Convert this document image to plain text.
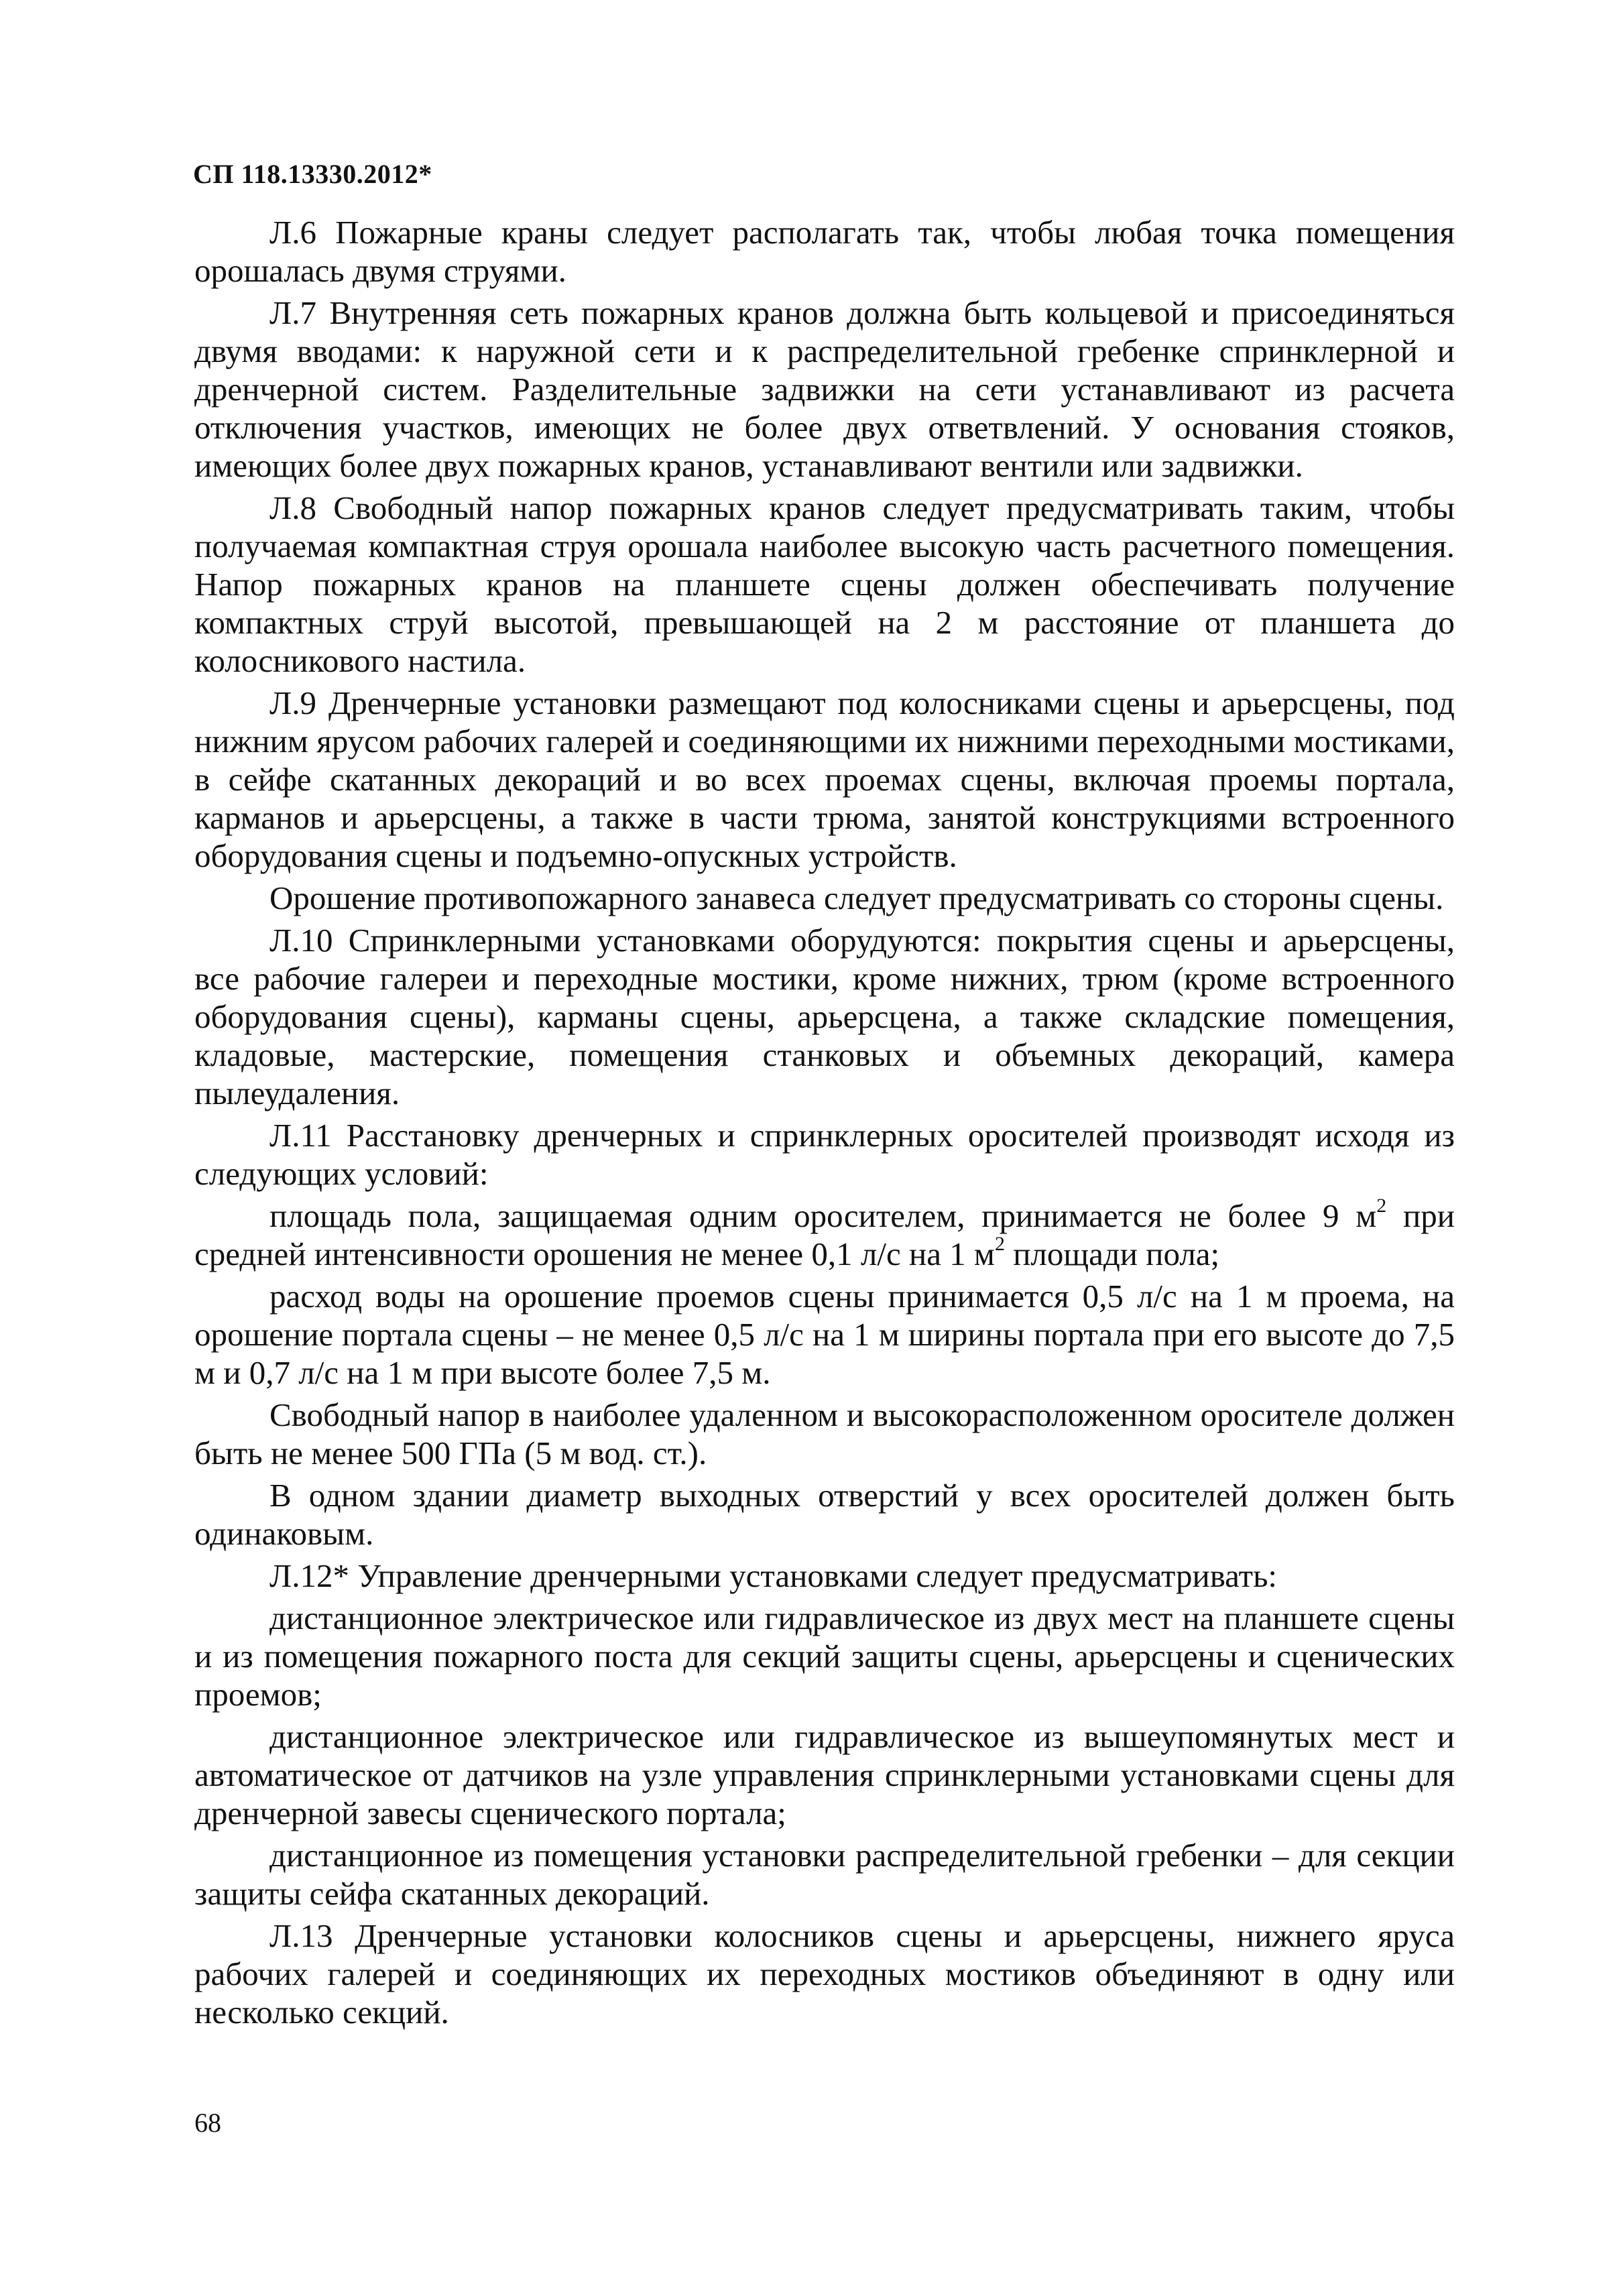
СП 118.13330.2012*

Л.6 Пожарные краны следует располагать так, чтобы любая точка помещения орошалась двумя струями.

Л.7 Внутренняя сеть пожарных кранов должна быть кольцевой и присоединяться двумя вводами: к наружной сети и к распределительной гребенке спринклерной и дренчерной систем. Разделительные задвижки на сети устанавливают из расчета отключения участков, имеющих не более двух ответвлений. У основания стояков, имеющих более двух пожарных кранов, устанавливают вентили или задвижки.

Л.8 Свободный напор пожарных кранов следует предусматривать таким, чтобы получаемая компактная струя орошала наиболее высокую часть расчетного помещения. Напор пожарных кранов на планшете сцены должен обеспечивать получение компактных струй высотой, превышающей на 2 м расстояние от планшета до колосникового настила.

Л.9 Дренчерные установки размещают под колосниками сцены и арьерсцены, под нижним ярусом рабочих галерей и соединяющими их нижними переходными мостиками, в сейфе скатанных декораций и во всех проемах сцены, включая проемы портала, карманов и арьерсцены, а также в части трюма, занятой конструкциями встроенного оборудования сцены и подъемно-опускных устройств.

Орошение противопожарного занавеса следует предусматривать со стороны сцены.

Л.10 Спринклерными установками оборудуются: покрытия сцены и арьерсцены, все рабочие галереи и переходные мостики, кроме нижних, трюм (кроме встроенного оборудования сцены), карманы сцены, арьерсцена, а также складские помещения, кладовые, мастерские, помещения станковых и объемных декораций, камера пылеудаления.

Л.11 Расстановку дренчерных и спринклерных оросителей производят исходя из следующих условий:

площадь пола, защищаемая одним оросителем, принимается не более 9 $м^2$ при средней интенсивности орошения не менее 0,1 л/с на 1 $м^2$ площади пола;

расход воды на орошение проемов сцены принимается 0,5 л/с на 1 м проема, на орошение портала сцены – не менее 0,5 л/с на 1 м ширины портала при его высоте до 7,5 м и 0,7 л/с на 1 м при высоте более 7,5 м.

Свободный напор в наиболее удаленном и высокорасположенном оросителе должен быть не менее 500 ГПа (5 м вод. ст.).

В одном здании диаметр выходных отверстий у всех оросителей должен быть одинаковым.

Л.12* Управление дренчерными установками следует предусматривать:

дистанционное электрическое или гидравлическое из двух мест на планшете сцены и из помещения пожарного поста для секций защиты сцены, арьерсцены и сценических проемов;

дистанционное электрическое или гидравлическое из вышеупомянутых мест и автоматическое от датчиков на узле управления спринклерными установками сцены для дренчерной завесы сценического портала;

дистанционное из помещения установки распределительной гребенки – для секции защиты сейфа скатанных декораций.

Л.13 Дренчерные установки колосников сцены и арьерсцены, нижнего яруса рабочих галерей и соединяющих их переходных мостиков объединяют в одну или несколько секций.

68
